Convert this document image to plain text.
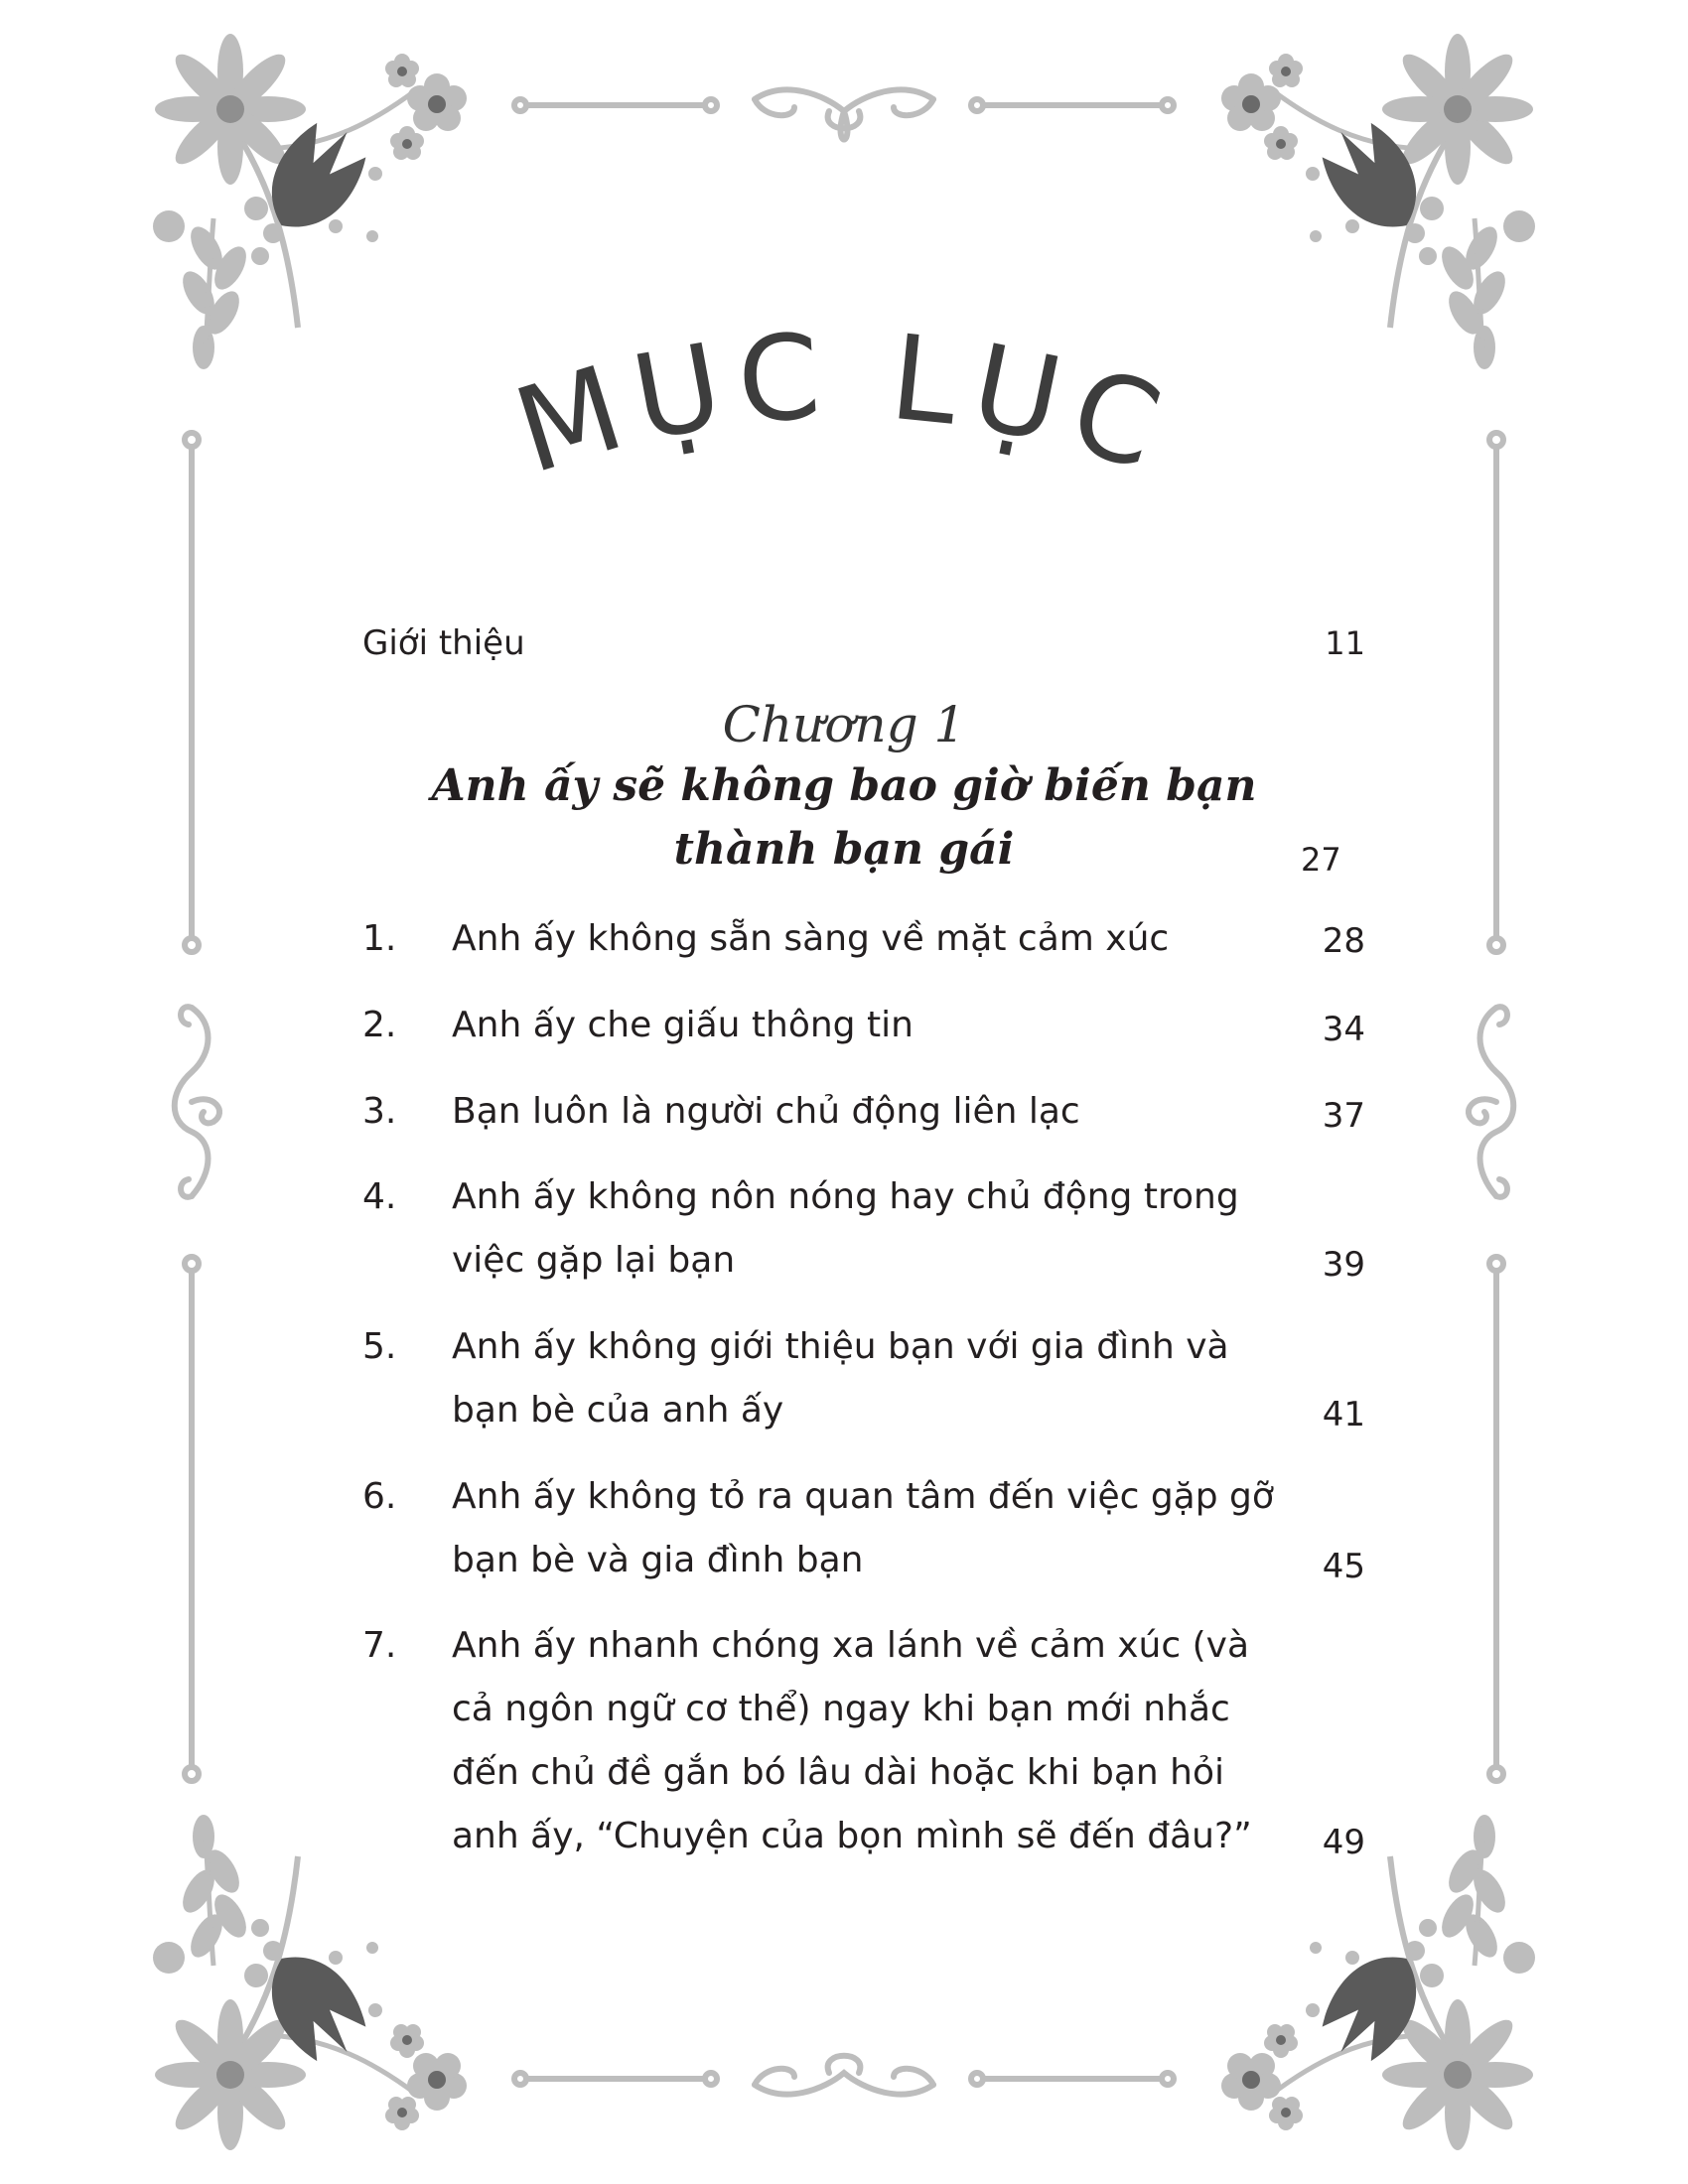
MỤC LỤC
Giới thiệu	11
Chương 1
Anh ấy sẽ không bao giờ biến bạn
thành bạn gái	27
1. Anh ấy không sẵn sàng về mặt cảm xúc	28
2. Anh ấy che giấu thông tin	34
3. Bạn luôn là người chủ động liên lạc	37
4. Anh ấy không nôn nóng hay chủ động trong việc gặp lại bạn	39
5. Anh ấy không giới thiệu bạn với gia đình và bạn bè của anh ấy	41
6. Anh ấy không tỏ ra quan tâm đến việc gặp gỡ bạn bè và gia đình bạn	45
7. Anh ấy nhanh chóng xa lánh về cảm xúc (và cả ngôn ngữ cơ thể) ngay khi bạn mới nhắc đến chủ đề gắn bó lâu dài hoặc khi bạn hỏi anh ấy, “Chuyện của bọn mình sẽ đến đâu?”	49
